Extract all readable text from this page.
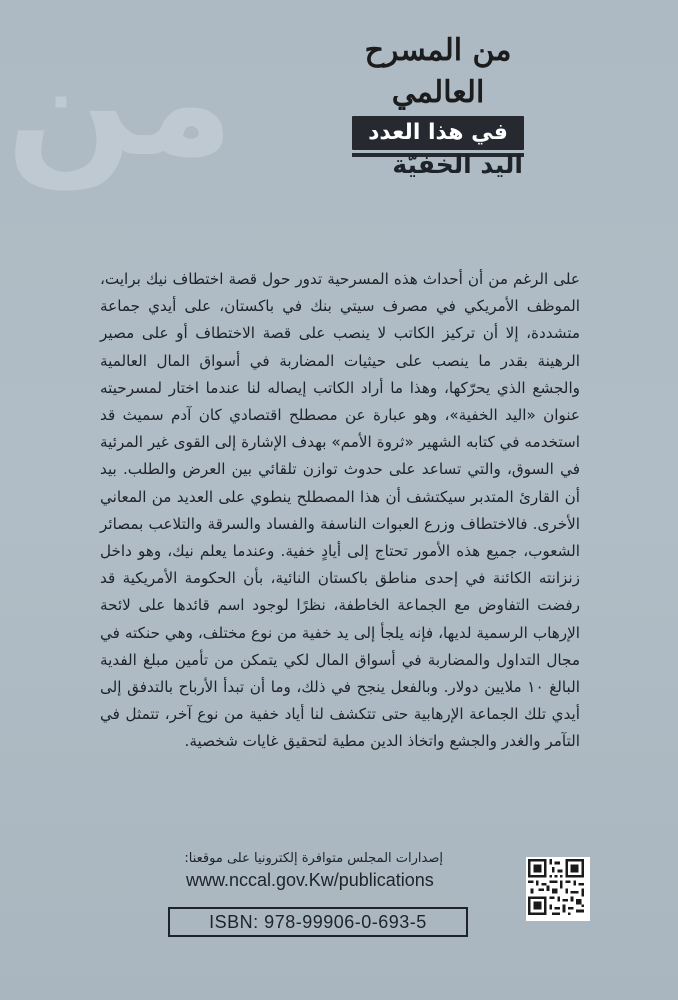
من	من المسرح العالمي
في هذا العدد
اليد الخفيّة
على الرغم من أن أحداث هذه المسرحية تدور حول قصة اختطاف نيك برايت، الموظف الأمريكي في مصرف سيتي بنك في باكستان، على أيدي جماعة متشددة، إلا أن تركيز الكاتب لا ينصب على قصة الاختطاف أو على مصير الرهينة بقدر ما ينصب على حيثيات المضاربة في أسواق المال العالمية والجشع الذي يحرّكها، وهذا ما أراد الكاتب إيصاله لنا عندما اختار لمسرحيته عنوان «اليد الخفية»، وهو عبارة عن مصطلح اقتصادي كان آدم سميث قد استخدمه في كتابه الشهير «ثروة الأمم» بهدف الإشارة إلى القوى غير المرئية في السوق، والتي تساعد على حدوث توازن تلقائي بين العرض والطلب. بيد أن القارئ المتدبر سيكتشف أن هذا المصطلح ينطوي على العديد من المعاني الأخرى. فالاختطاف وزرع العبوات الناسفة والفساد والسرقة والتلاعب بمصائر الشعوب، جميع هذه الأمور تحتاج إلى أيادٍ خفية. وعندما يعلم نيك، وهو داخل زنزانته الكائنة في إحدى مناطق باكستان النائية، بأن الحكومة الأمريكية قد رفضت التفاوض مع الجماعة الخاطفة، نظرًا لوجود اسم قائدها على لائحة الإرهاب الرسمية لديها، فإنه يلجأ إلى يد خفية من نوع مختلف، وهي حنكته في مجال التداول والمضاربة في أسواق المال لكي يتمكن من تأمين مبلغ الفدية البالغ ١٠ ملايين دولار. وبالفعل ينجح في ذلك، وما أن تبدأ الأرباح بالتدفق إلى أيدي تلك الجماعة الإرهابية حتى تتكشف لنا أياد خفية من نوع آخر، تتمثل في التآمر والغدر والجشع واتخاذ الدين مطية لتحقيق غايات شخصية.
إصدارات المجلس متوافرة إلكترونيا على موقعنا:
www.nccal.gov.Kw/publications
ISBN: 978-99906-0-693-5
